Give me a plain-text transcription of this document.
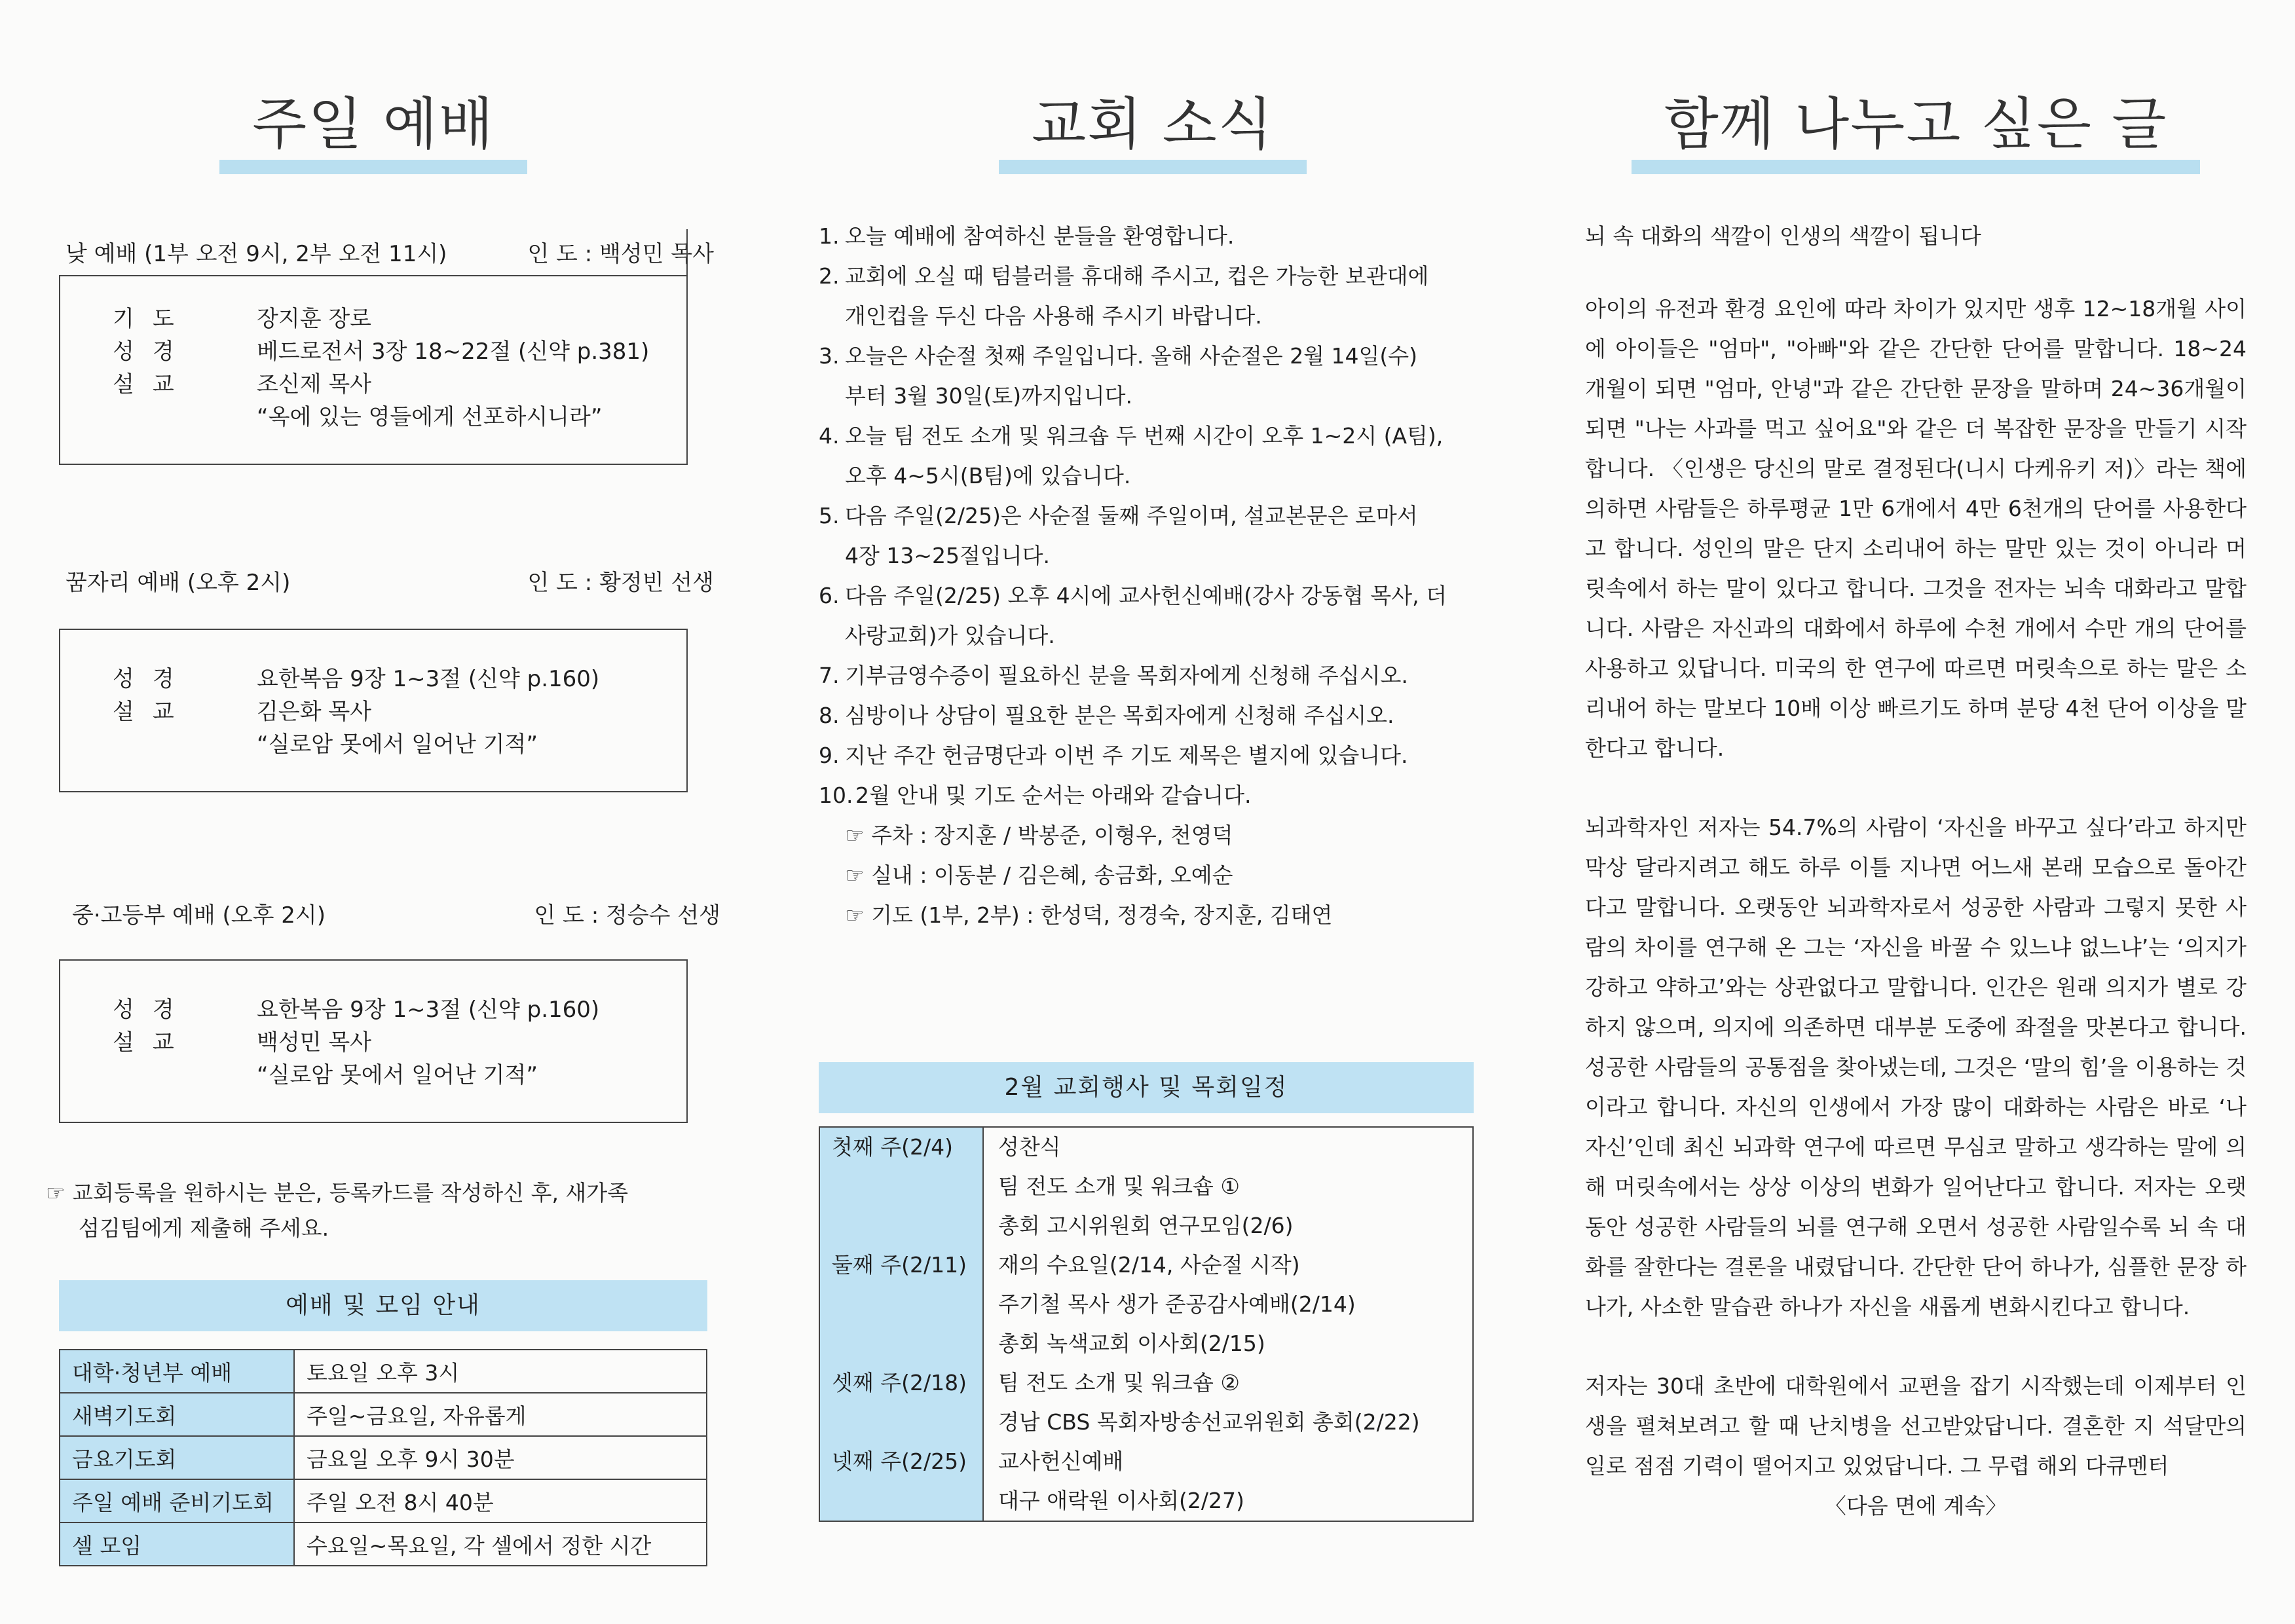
주일 예배
낮 예배 (1부 오전 9시, 2부 오전 11시)	인 도 : 백성민 목사
기도	장지훈 장로
성경	베드로전서 3장 18~22절 (신약 p.381)
설교	조신제 목사
“옥에 있는 영들에게 선포하시니라”
꿈자리 예배 (오후 2시)	인 도 : 황정빈 선생
성경	요한복음 9장 1~3절 (신약 p.160)
설교	김은화 목사
“실로암 못에서 일어난 기적”
중·고등부 예배 (오후 2시)	인 도 : 정승수 선생
성경	요한복음 9장 1~3절 (신약 p.160)
설교	백성민 목사
“실로암 못에서 일어난 기적”
☞ 교회등록을 원하시는 분은, 등록카드를 작성하신 후, 새가족
섬김팀에게 제출해 주세요.
예배 및 모임 안내
대학·청년부 예배	토요일 오후 3시
새벽기도회	주일~금요일, 자유롭게
금요기도회	금요일 오후 9시 30분
주일 예배 준비기도회	주일 오전 8시 40분
셀 모임	수요일~목요일, 각 셀에서 정한 시간
교회 소식
1. 오늘 예배에 참여하신 분들을 환영합니다.
2. 교회에 오실 때 텀블러를 휴대해 주시고, 컵은 가능한 보관대에
개인컵을 두신 다음 사용해 주시기 바랍니다.
3. 오늘은 사순절 첫째 주일입니다. 올해 사순절은 2월 14일(수)
부터 3월 30일(토)까지입니다.
4. 오늘 팀 전도 소개 및 워크숍 두 번째 시간이 오후 1~2시 (A팀),
오후 4~5시(B팀)에 있습니다.
5. 다음 주일(2/25)은 사순절 둘째 주일이며, 설교본문은 로마서
4장 13~25절입니다.
6. 다음 주일(2/25) 오후 4시에 교사헌신예배(강사 강동협 목사, 더
사랑교회)가 있습니다.
7. 기부금영수증이 필요하신 분을 목회자에게 신청해 주십시오.
8. 심방이나 상담이 필요한 분은 목회자에게 신청해 주십시오.
9. 지난 주간 헌금명단과 이번 주 기도 제목은 별지에 있습니다.
10. 2월 안내 및 기도 순서는 아래와 같습니다.
☞ 주차 : 장지훈 / 박봉준, 이형우, 천영덕
☞ 실내 : 이동분 / 김은혜, 송금화, 오예순
☞ 기도 (1부, 2부) : 한성덕, 정경숙, 장지훈, 김태연
2월 교회행사 및 목회일정
첫째 주(2/4)	성찬식
팀 전도 소개 및 워크숍 ①
총회 고시위원회 연구모임(2/6)

둘째 주(2/11)	재의 수요일(2/14, 사순절 시작)
주기철 목사 생가 준공감사예배(2/14)
총회 녹색교회 이사회(2/15)

셋째 주(2/18)	팀 전도 소개 및 워크숍 ②
경남 CBS 목회자방송선교위원회 총회(2/22)

넷째 주(2/25)	교사헌신예배
대구 애락원 이사회(2/27)
함께 나누고 싶은 글

뇌 속 대화의 색깔이 인생의 색깔이 됩니다

아이의 유전과 환경 요인에 따라 차이가 있지만 생후 12~18개월 사이에 아이들은 "엄마", "아빠"와 같은 간단한 단어를 말합니다. 18~24개월이 되면 "엄마, 안녕"과 같은 간단한 문장을 말하며 24~36개월이 되면 "나는 사과를 먹고 싶어요"와 같은 더 복잡한 문장을 만들기 시작합니다. 〈인생은 당신의 말로 결정된다(니시 다케유키 저)〉라는 책에 의하면 사람들은 하루평균 1만 6개에서 4만 6천개의 단어를 사용한다고 합니다. 성인의 말은 단지 소리내어 하는 말만 있는 것이 아니라 머릿속에서 하는 말이 있다고 합니다. 그것을 전자는 뇌속 대화라고 말합니다. 사람은 자신과의 대화에서 하루에 수천 개에서 수만 개의 단어를 사용하고 있답니다. 미국의 한 연구에 따르면 머릿속으로 하는 말은 소리내어 하는 말보다 10배 이상 빠르기도 하며 분당 4천 단어 이상을 말한다고 합니다.

뇌과학자인 저자는 54.7%의 사람이 ‘자신을 바꾸고 싶다’라고 하지만 막상 달라지려고 해도 하루 이틀 지나면 어느새 본래 모습으로 돌아간다고 말합니다. 오랫동안 뇌과학자로서 성공한 사람과 그렇지 못한 사람의 차이를 연구해 온 그는 ‘자신을 바꿀 수 있느냐 없느냐’는 ‘의지가 강하고 약하고’와는 상관없다고 말합니다. 인간은 원래 의지가 별로 강하지 않으며, 의지에 의존하면 대부분 도중에 좌절을 맛본다고 합니다. 성공한 사람들의 공통점을 찾아냈는데, 그것은 ‘말의 힘’을 이용하는 것이라고 합니다. 자신의 인생에서 가장 많이 대화하는 사람은 바로 ‘나 자신’인데 최신 뇌과학 연구에 따르면 무심코 말하고 생각하는 말에 의해 머릿속에서는 상상 이상의 변화가 일어난다고 합니다. 저자는 오랫동안 성공한 사람들의 뇌를 연구해 오면서 성공한 사람일수록 뇌 속 대화를 잘한다는 결론을 내렸답니다. 간단한 단어 하나가, 심플한 문장 하나가, 사소한 말습관 하나가 자신을 새롭게 변화시킨다고 합니다.

저자는 30대 초반에 대학원에서 교편을 잡기 시작했는데 이제부터 인생을 펼쳐보려고 할 때 난치병을 선고받았답니다. 결혼한 지 석달만의 일로 점점 기력이 떨어지고 있었답니다. 그 무렵 해외 다큐멘터

〈다음 면에 계속〉
